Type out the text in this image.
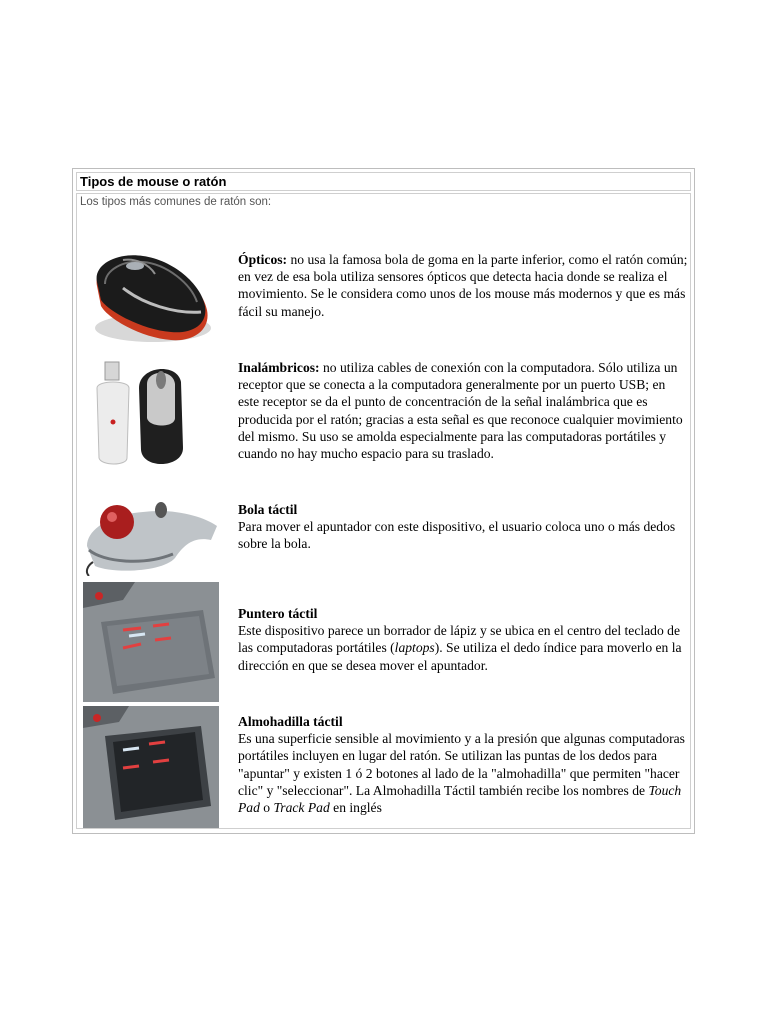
Tipos de mouse o ratón
Los tipos más comunes de ratón son:
Ópticos: no usa la famosa bola de goma en la parte inferior, como el ratón común; en vez de esa bola utiliza sensores ópticos que detecta hacia donde se realiza el movimiento. Se le considera como unos de los mouse más modernos y que es más fácil su manejo.
Inalámbricos: no utiliza cables de conexión con la computadora. Sólo utiliza un receptor que se conecta a la computadora generalmente por un puerto USB; en este receptor se da el punto de concentración de la señal inalámbrica que es producida por el ratón; gracias a esta señal es que reconoce cualquier movimiento del mismo. Su uso se amolda especialmente para las computadoras portátiles y cuando no hay mucho espacio para su traslado.
Bola táctil
Para mover el apuntador con este dispositivo, el usuario coloca uno o más dedos sobre la bola.
Puntero táctil
Este dispositivo parece un borrador de lápiz y se ubica en el centro del teclado de las computadoras portátiles (laptops). Se utiliza el dedo índice para moverlo en la dirección en que se desea mover el apuntador.
Almohadilla táctil
Es una superficie sensible al movimiento y a la presión que algunas computadoras portátiles incluyen en lugar del ratón. Se utilizan las puntas de los dedos para "apuntar" y existen 1 ó 2 botones al lado de la "almohadilla" que permiten "hacer clic" y "seleccionar". La Almohadilla Táctil también recibe los nombres de Touch Pad o Track Pad en inglés
